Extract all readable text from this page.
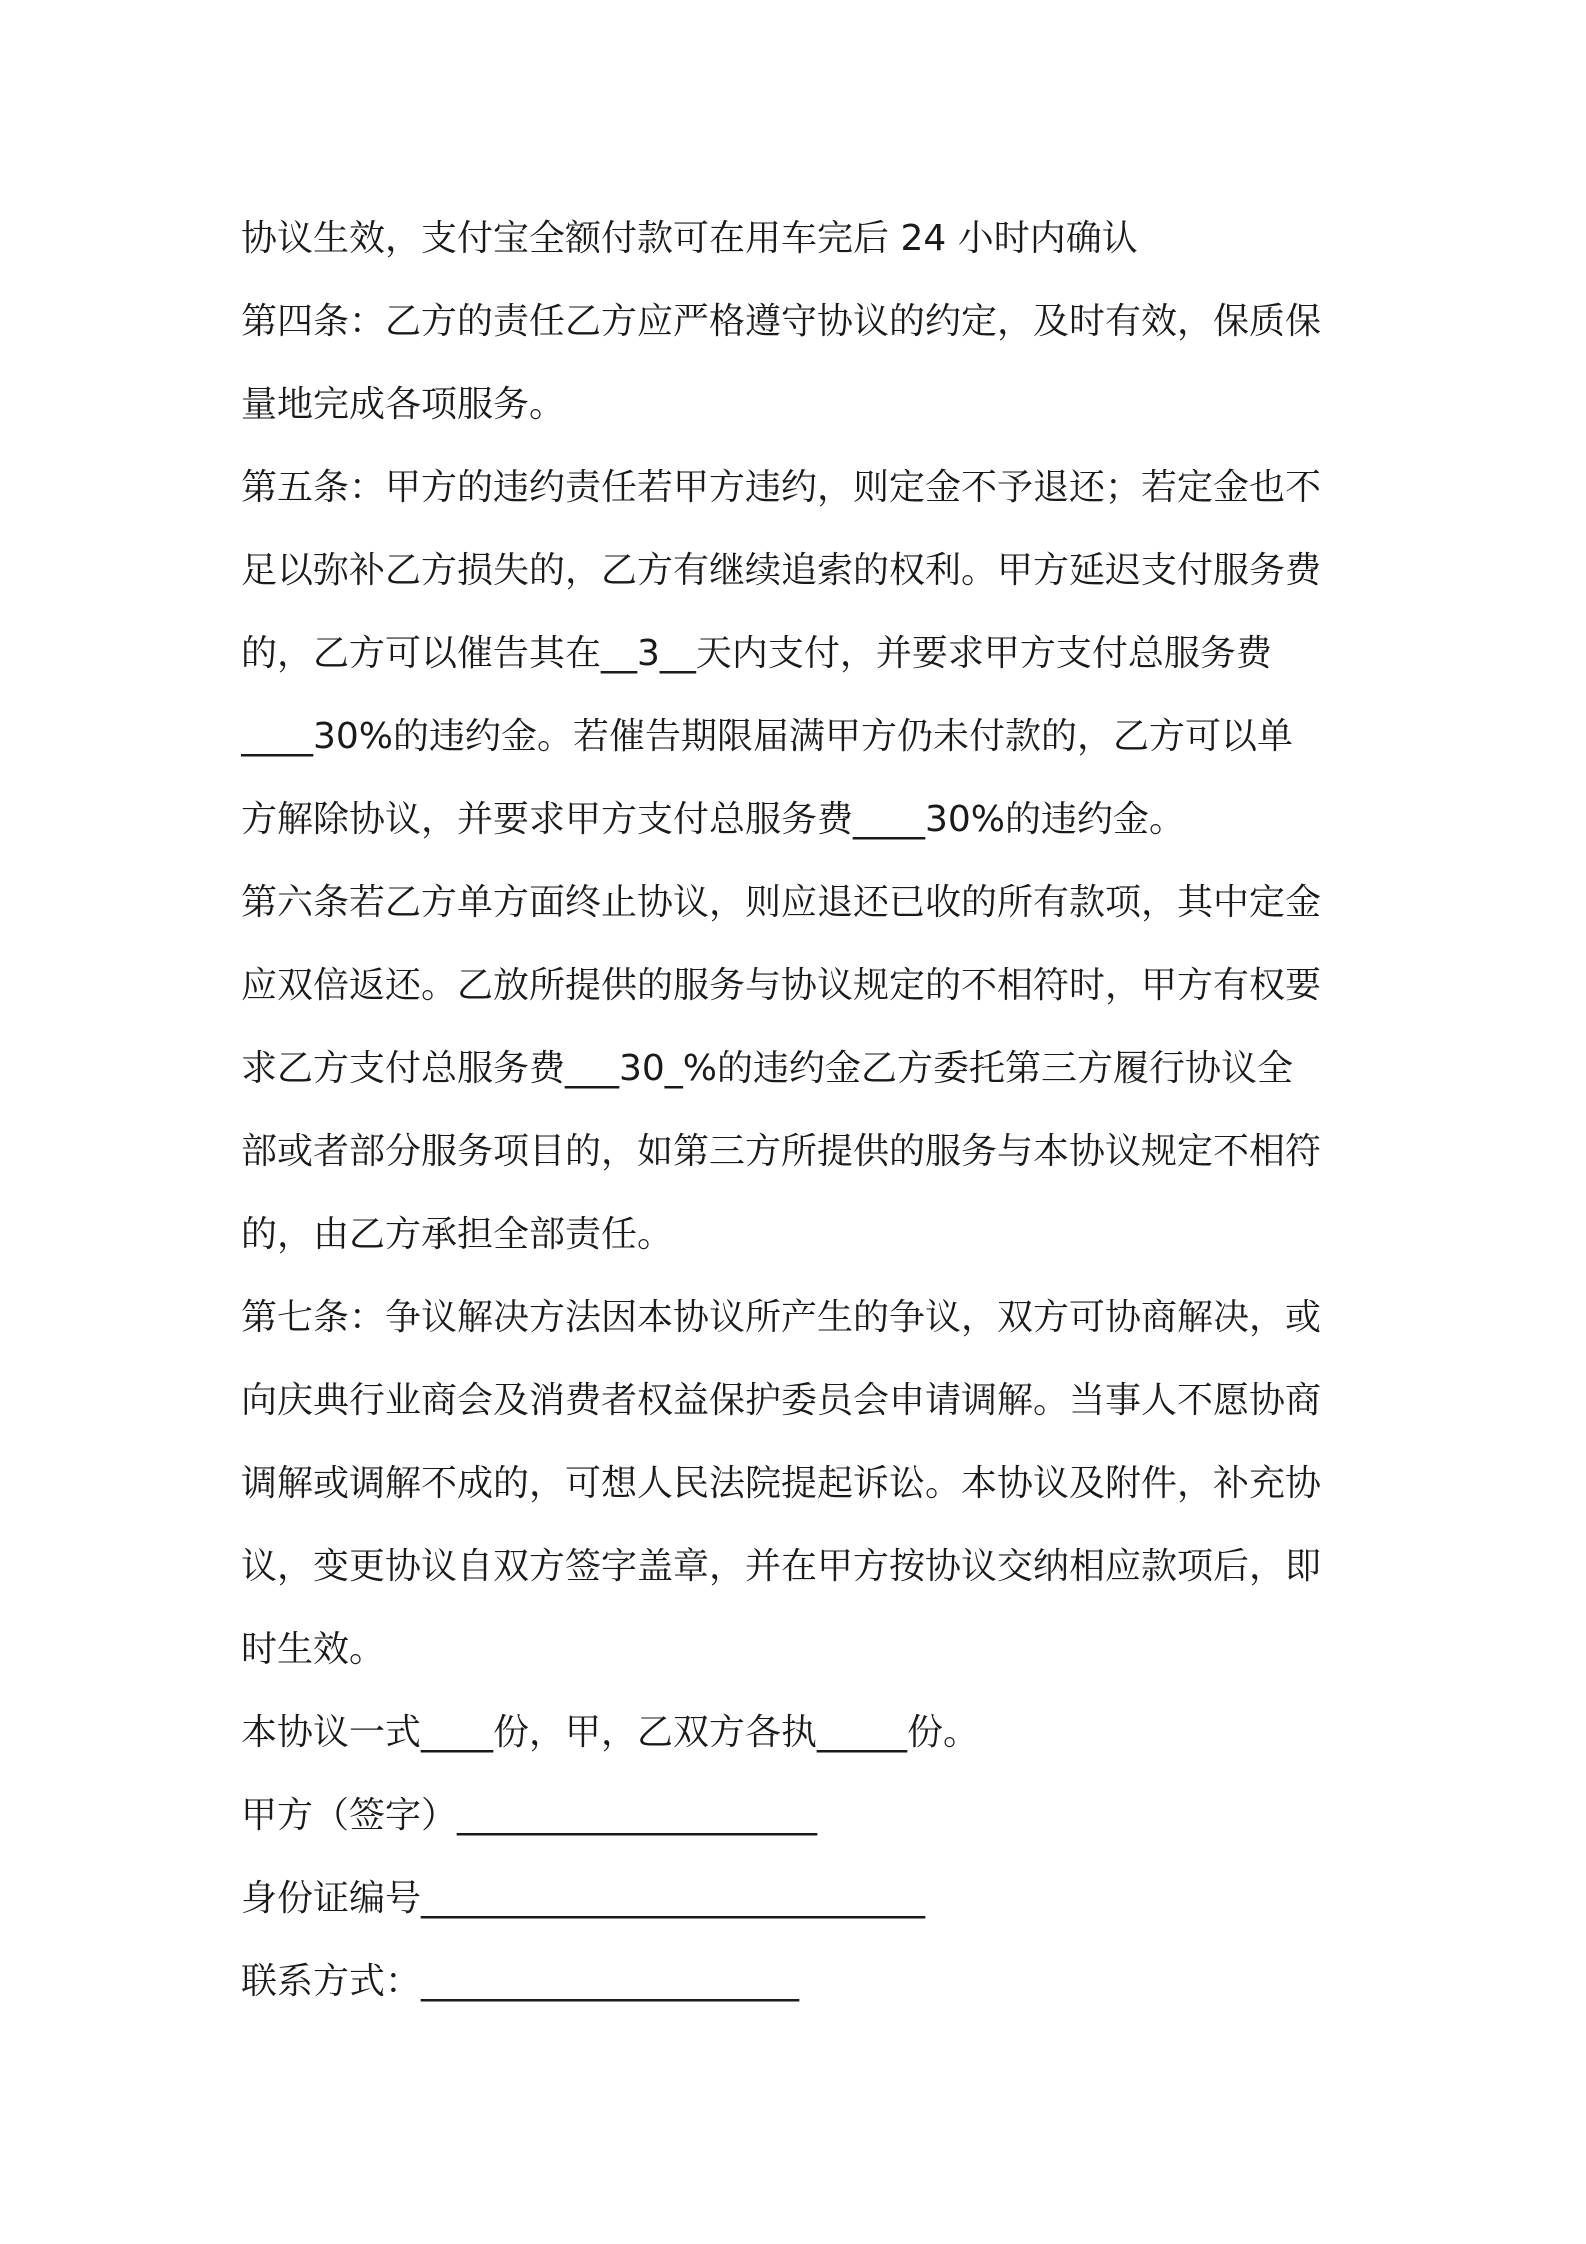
协议生效，支付宝全额付款可在用车完后 24 小时内确认
第四条：乙方的责任乙方应严格遵守协议的约定，及时有效，保质保
量地完成各项服务。
第五条：甲方的违约责任若甲方违约，则定金不予退还；若定金也不
足以弥补乙方损失的，乙方有继续追索的权利。甲方延迟支付服务费
的，乙方可以催告其在__3__天内支付，并要求甲方支付总服务费
____30%的违约金。若催告期限届满甲方仍未付款的，乙方可以单
方解除协议，并要求甲方支付总服务费____30%的违约金。
第六条若乙方单方面终止协议，则应退还已收的所有款项，其中定金
应双倍返还。乙放所提供的服务与协议规定的不相符时，甲方有权要
求乙方支付总服务费___30_%的违约金乙方委托第三方履行协议全
部或者部分服务项目的，如第三方所提供的服务与本协议规定不相符
的，由乙方承担全部责任。
第七条：争议解决方法因本协议所产生的争议，双方可协商解决，或
向庆典行业商会及消费者权益保护委员会申请调解。当事人不愿协商
调解或调解不成的，可想人民法院提起诉讼。本协议及附件，补充协
议，变更协议自双方签字盖章，并在甲方按协议交纳相应款项后，即
时生效。
本协议一式____份，甲，乙双方各执_____份。
甲方（签字）____________________
身份证编号____________________________
联系方式：_____________________
